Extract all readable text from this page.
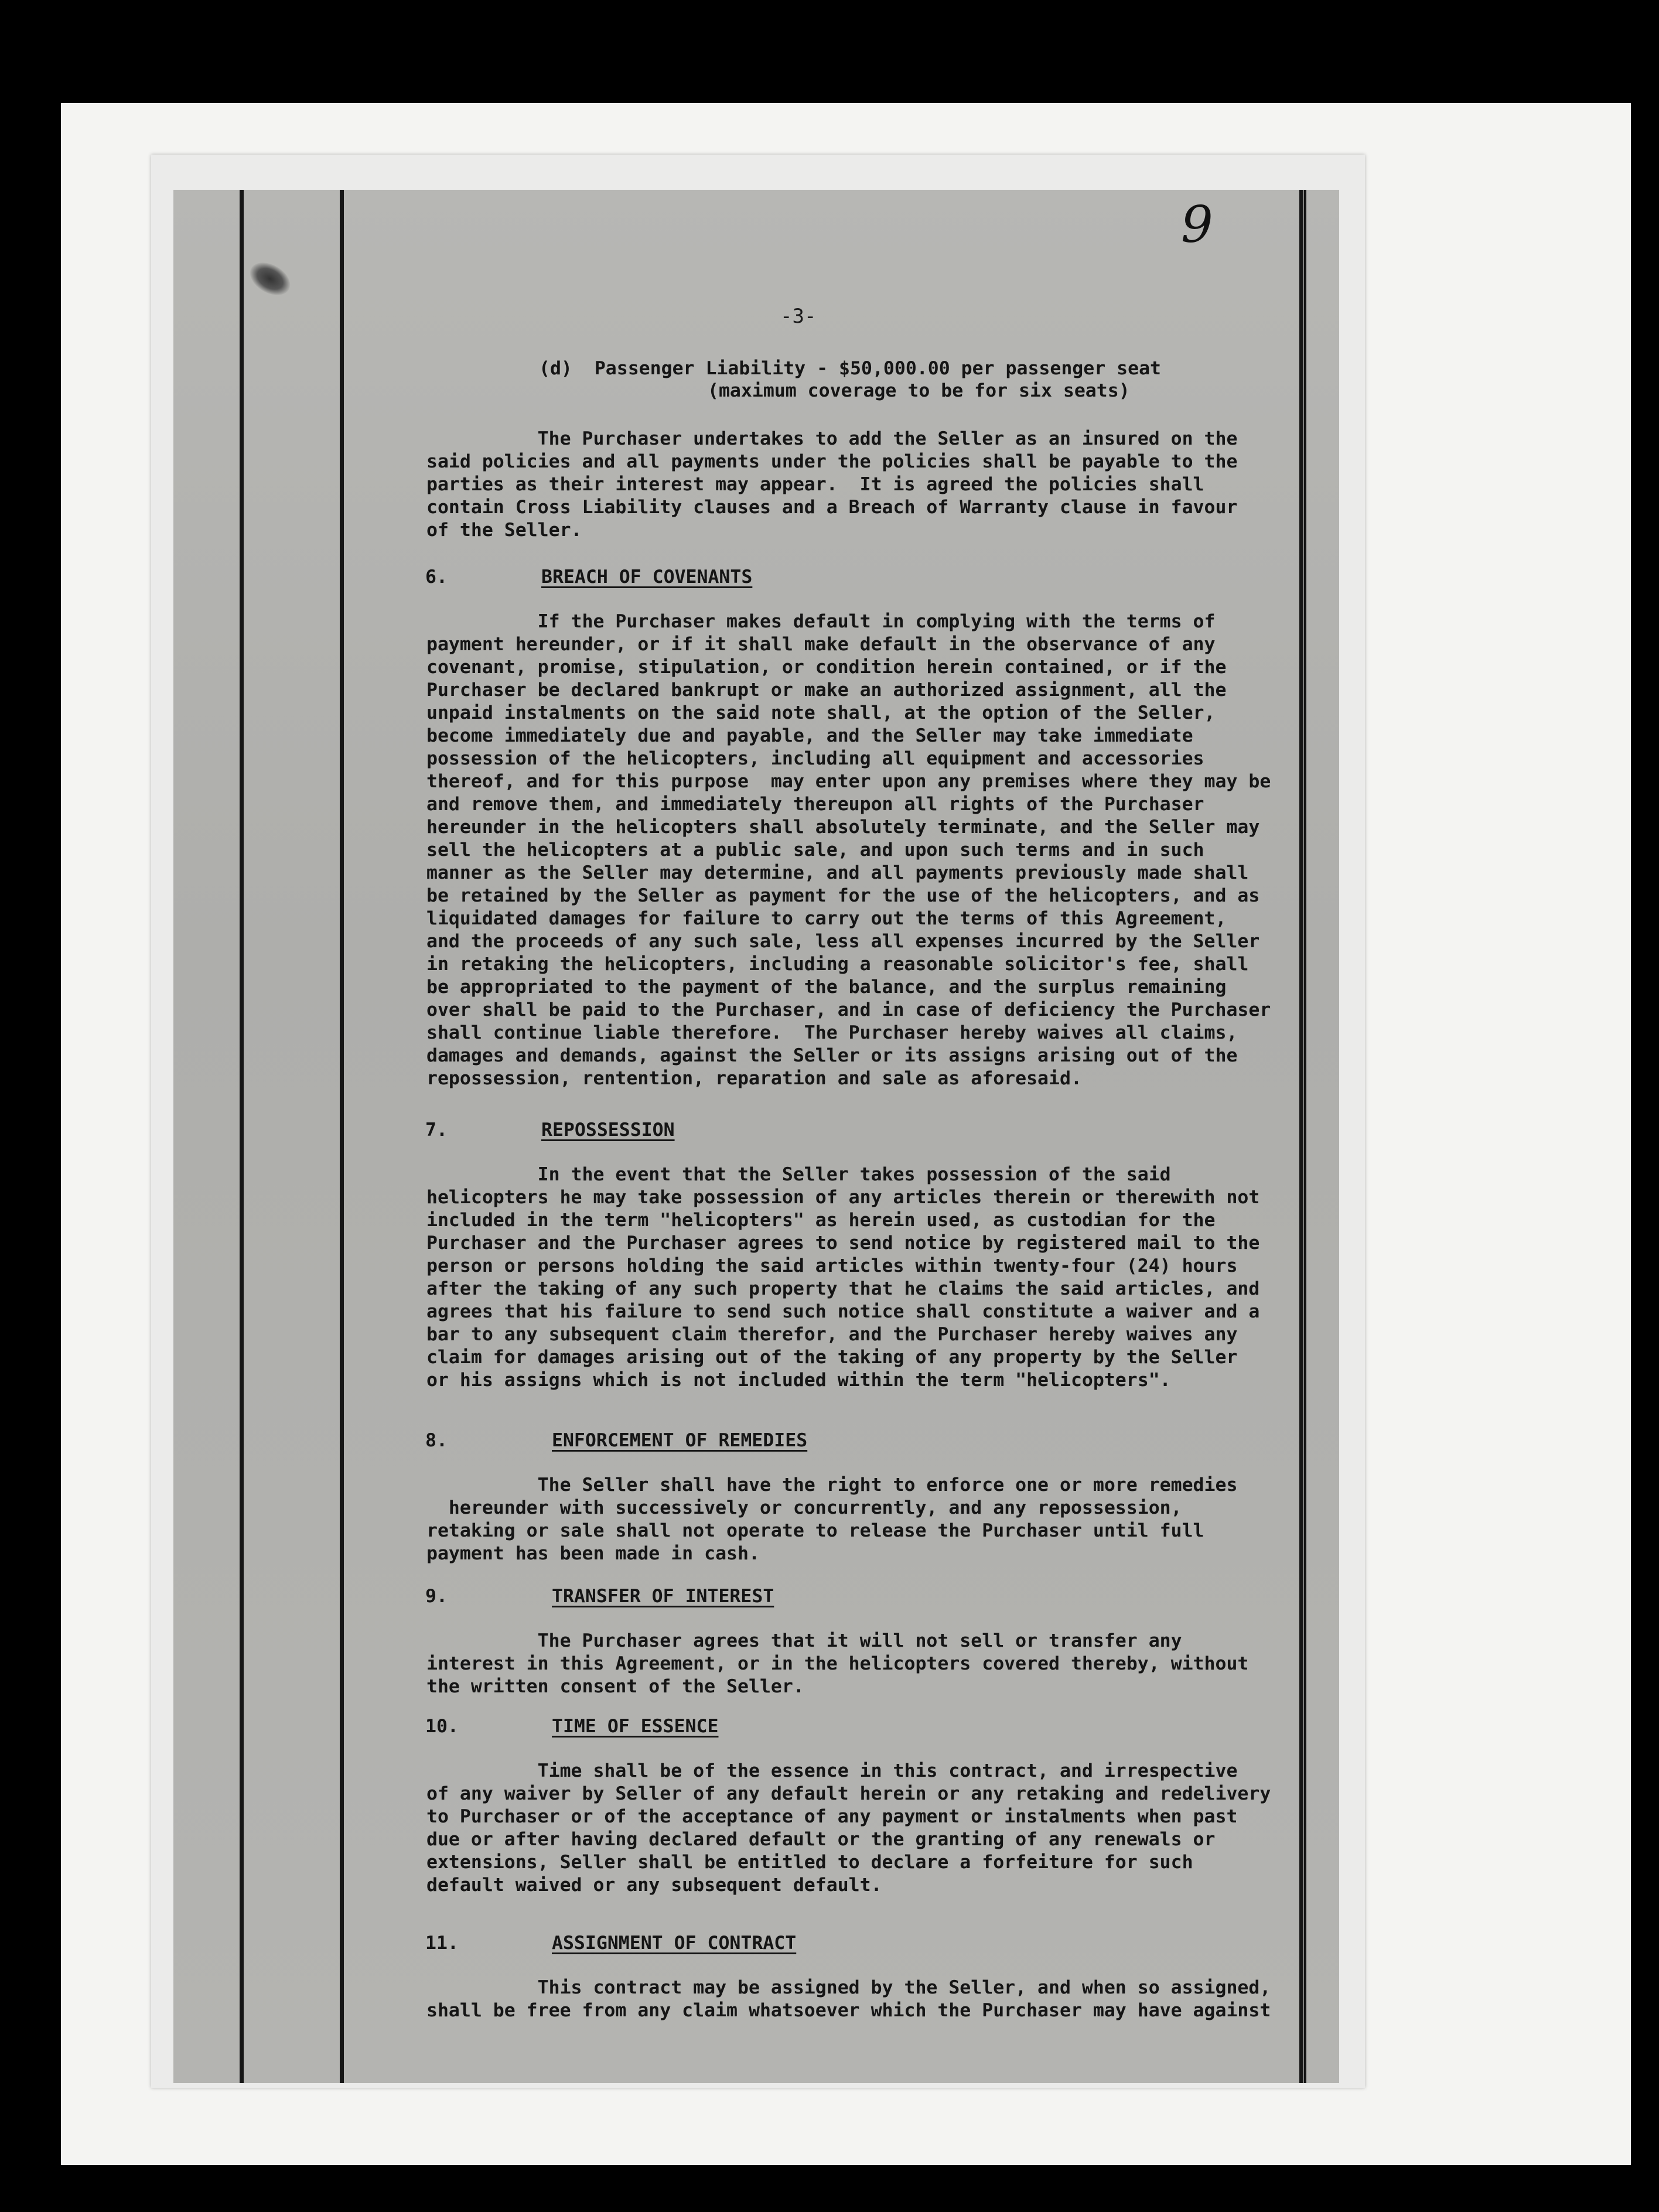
9
-3-
(d)  Passenger Liability - $50,000.00 per passenger seat
(maximum coverage to be for six seats)
The Purchaser undertakes to add the Seller as an insured on the
said policies and all payments under the policies shall be payable to the
parties as their interest may appear.  It is agreed the policies shall
contain Cross Liability clauses and a Breach of Warranty clause in favour
of the Seller.
6.	BREACH OF COVENANTS
If the Purchaser makes default in complying with the terms of
payment hereunder, or if it shall make default in the observance of any
covenant, promise, stipulation, or condition herein contained, or if the
Purchaser be declared bankrupt or make an authorized assignment, all the
unpaid instalments on the said note shall, at the option of the Seller,
become immediately due and payable, and the Seller may take immediate
possession of the helicopters, including all equipment and accessories
thereof, and for this purpose  may enter upon any premises where they may be
and remove them, and immediately thereupon all rights of the Purchaser
hereunder in the helicopters shall absolutely terminate, and the Seller may
sell the helicopters at a public sale, and upon such terms and in such
manner as the Seller may determine, and all payments previously made shall
be retained by the Seller as payment for the use of the helicopters, and as
liquidated damages for failure to carry out the terms of this Agreement,
and the proceeds of any such sale, less all expenses incurred by the Seller
in retaking the helicopters, including a reasonable solicitor's fee, shall
be appropriated to the payment of the balance, and the surplus remaining
over shall be paid to the Purchaser, and in case of deficiency the Purchaser
shall continue liable therefore.  The Purchaser hereby waives all claims,
damages and demands, against the Seller or its assigns arising out of the
repossession, rentention, reparation and sale as aforesaid.
7.	REPOSSESSION
In the event that the Seller takes possession of the said
helicopters he may take possession of any articles therein or therewith not
included in the term "helicopters" as herein used, as custodian for the
Purchaser and the Purchaser agrees to send notice by registered mail to the
person or persons holding the said articles within twenty-four (24) hours
after the taking of any such property that he claims the said articles, and
agrees that his failure to send such notice shall constitute a waiver and a
bar to any subsequent claim therefor, and the Purchaser hereby waives any
claim for damages arising out of the taking of any property by the Seller
or his assigns which is not included within the term "helicopters".
8.	ENFORCEMENT OF REMEDIES
The Seller shall have the right to enforce one or more remedies
hereunder with successively or concurrently, and any repossession,
retaking or sale shall not operate to release the Purchaser until full
payment has been made in cash.
9.	TRANSFER OF INTEREST
The Purchaser agrees that it will not sell or transfer any
interest in this Agreement, or in the helicopters covered thereby, without
the written consent of the Seller.
10.	TIME OF ESSENCE
Time shall be of the essence in this contract, and irrespective
of any waiver by Seller of any default herein or any retaking and redelivery
to Purchaser or of the acceptance of any payment or instalments when past
due or after having declared default or the granting of any renewals or
extensions, Seller shall be entitled to declare a forfeiture for such
default waived or any subsequent default.
11.	ASSIGNMENT OF CONTRACT
This contract may be assigned by the Seller, and when so assigned,
shall be free from any claim whatsoever which the Purchaser may have against
